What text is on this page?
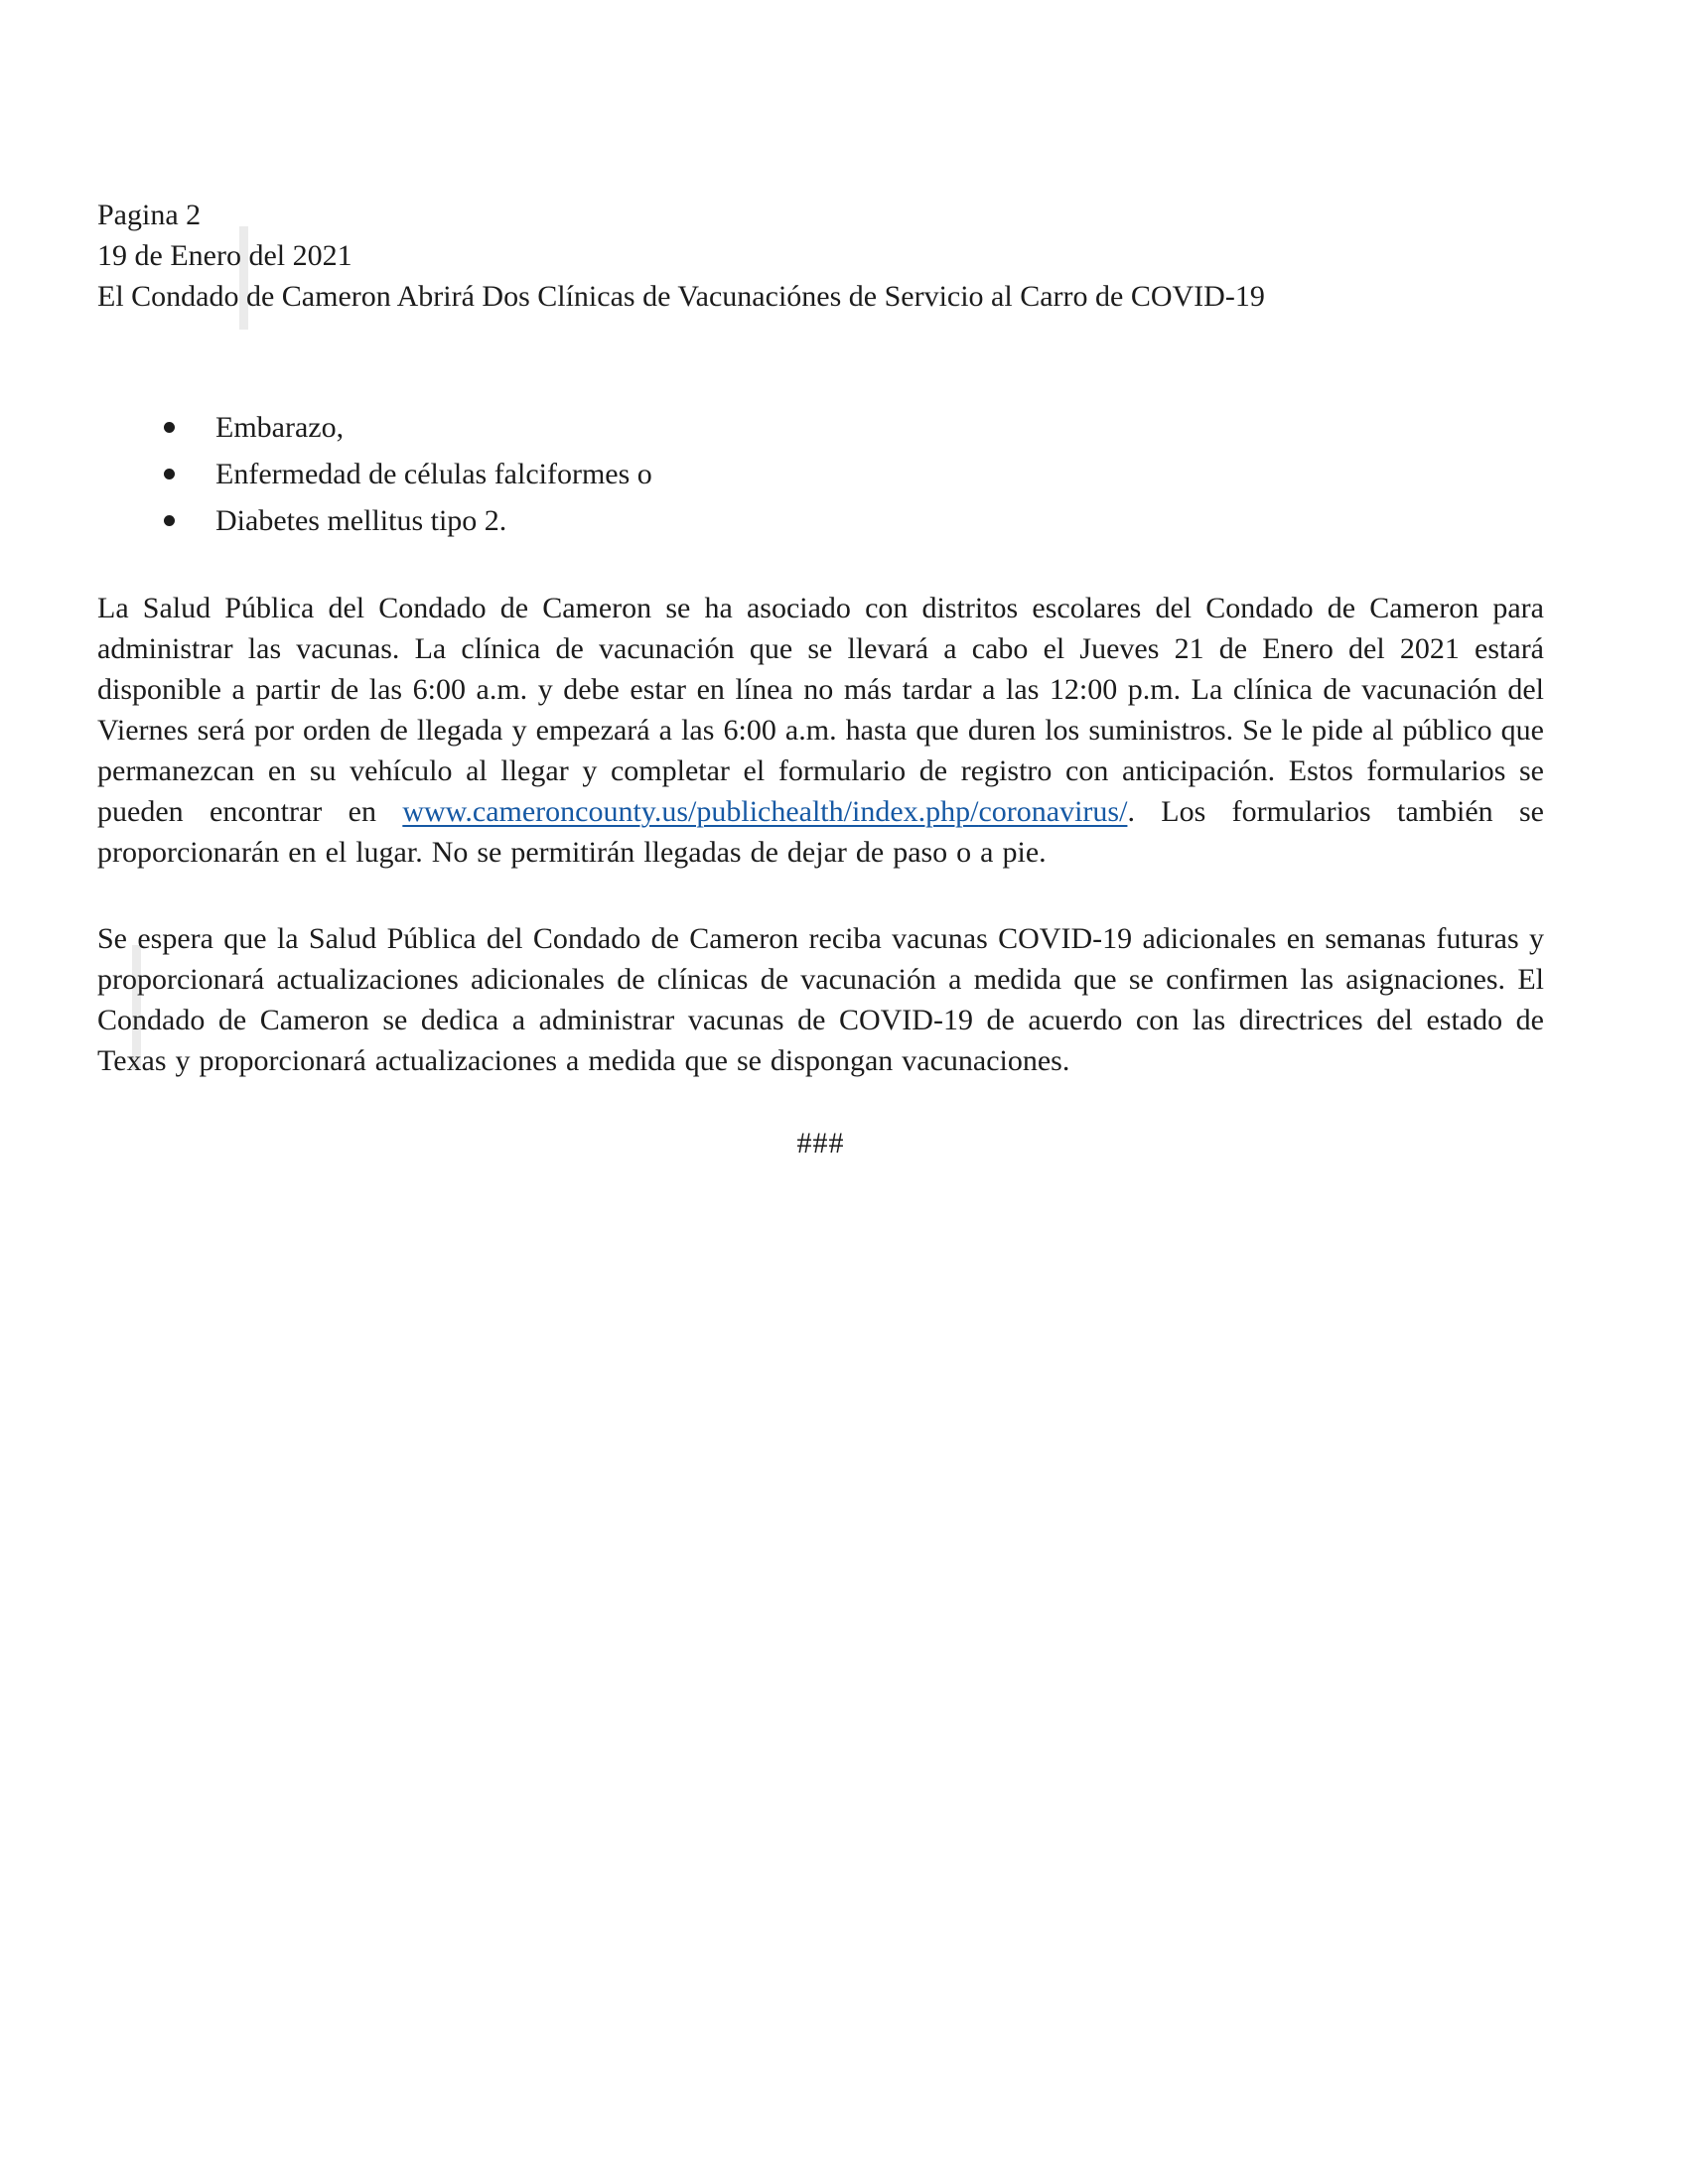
Pagina 2
19 de Enero del 2021
El Condado de Cameron Abrirá Dos Clínicas de Vacunaciónes de Servicio al Carro de COVID-19
Embarazo,
Enfermedad de células falciformes o
Diabetes mellitus tipo 2.

La Salud Pública del Condado de Cameron se ha asociado con distritos escolares del Condado de Cameron para administrar las vacunas. La clínica de vacunación que se llevará a cabo el Jueves 21 de Enero del 2021 estará disponible a partir de las 6:00 a.m. y debe estar en línea no más tardar a las 12:00 p.m. La clínica de vacunación del Viernes será por orden de llegada y empezará a las 6:00 a.m. hasta que duren los suministros. Se le pide al público que permanezcan en su vehículo al llegar y completar el formulario de registro con anticipación. Estos formularios se pueden encontrar en www.cameroncounty.us/publichealth/index.php/coronavirus/. Los formularios también se proporcionarán en el lugar. No se permitirán llegadas de dejar de paso o a pie.

Se espera que la Salud Pública del Condado de Cameron reciba vacunas COVID-19 adicionales en semanas futuras y proporcionará actualizaciones adicionales de clínicas de vacunación a medida que se confirmen las asignaciones. El Condado de Cameron se dedica a administrar vacunas de COVID-19 de acuerdo con las directrices del estado de Texas y proporcionará actualizaciones a medida que se dispongan vacunaciones.

###
